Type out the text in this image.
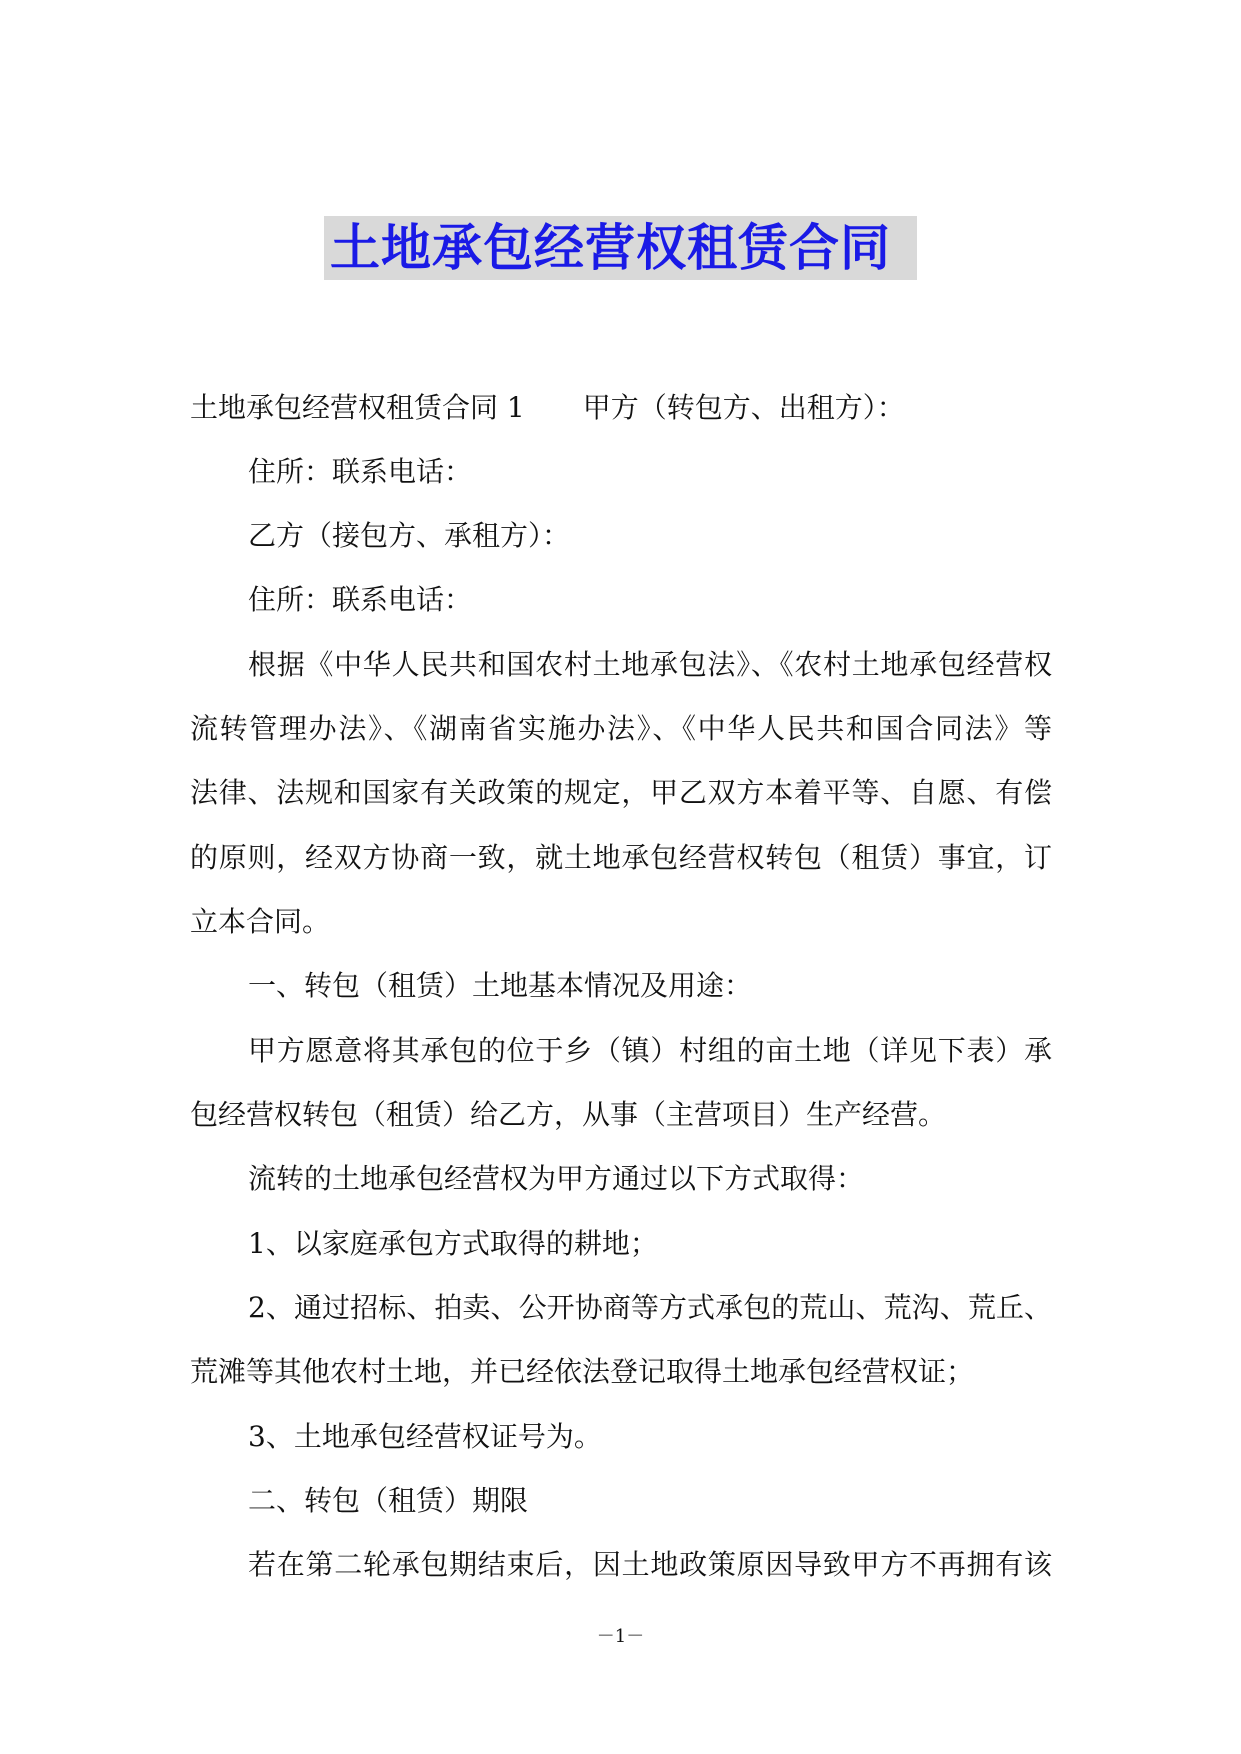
土地承包经营权租赁合同
土地承包经营权租赁合同 1 甲方（转包方、出租方）：
住所：联系电话：
乙方（接包方、承租方）：
住所：联系电话：
根据《中华人民共和国农村土地承包法》、《农村土地承包经营权
流转管理办法》、《湖南省实施办法》、《中华人民共和国合同法》等
法律、法规和国家有关政策的规定，甲乙双方本着平等、自愿、有偿
的原则，经双方协商一致，就土地承包经营权转包（租赁）事宜，订
立本合同。
一、转包（租赁）土地基本情况及用途：
甲方愿意将其承包的位于乡（镇）村组的亩土地（详见下表）承
包经营权转包（租赁）给乙方，从事（主营项目）生产经营。
流转的土地承包经营权为甲方通过以下方式取得：
1、以家庭承包方式取得的耕地；
2、通过招标、拍卖、公开协商等方式承包的荒山、荒沟、荒丘、
荒滩等其他农村土地，并已经依法登记取得土地承包经营权证；
3、土地承包经营权证号为。
二、转包（租赁）期限
若在第二轮承包期结束后，因土地政策原因导致甲方不再拥有该
－1－
